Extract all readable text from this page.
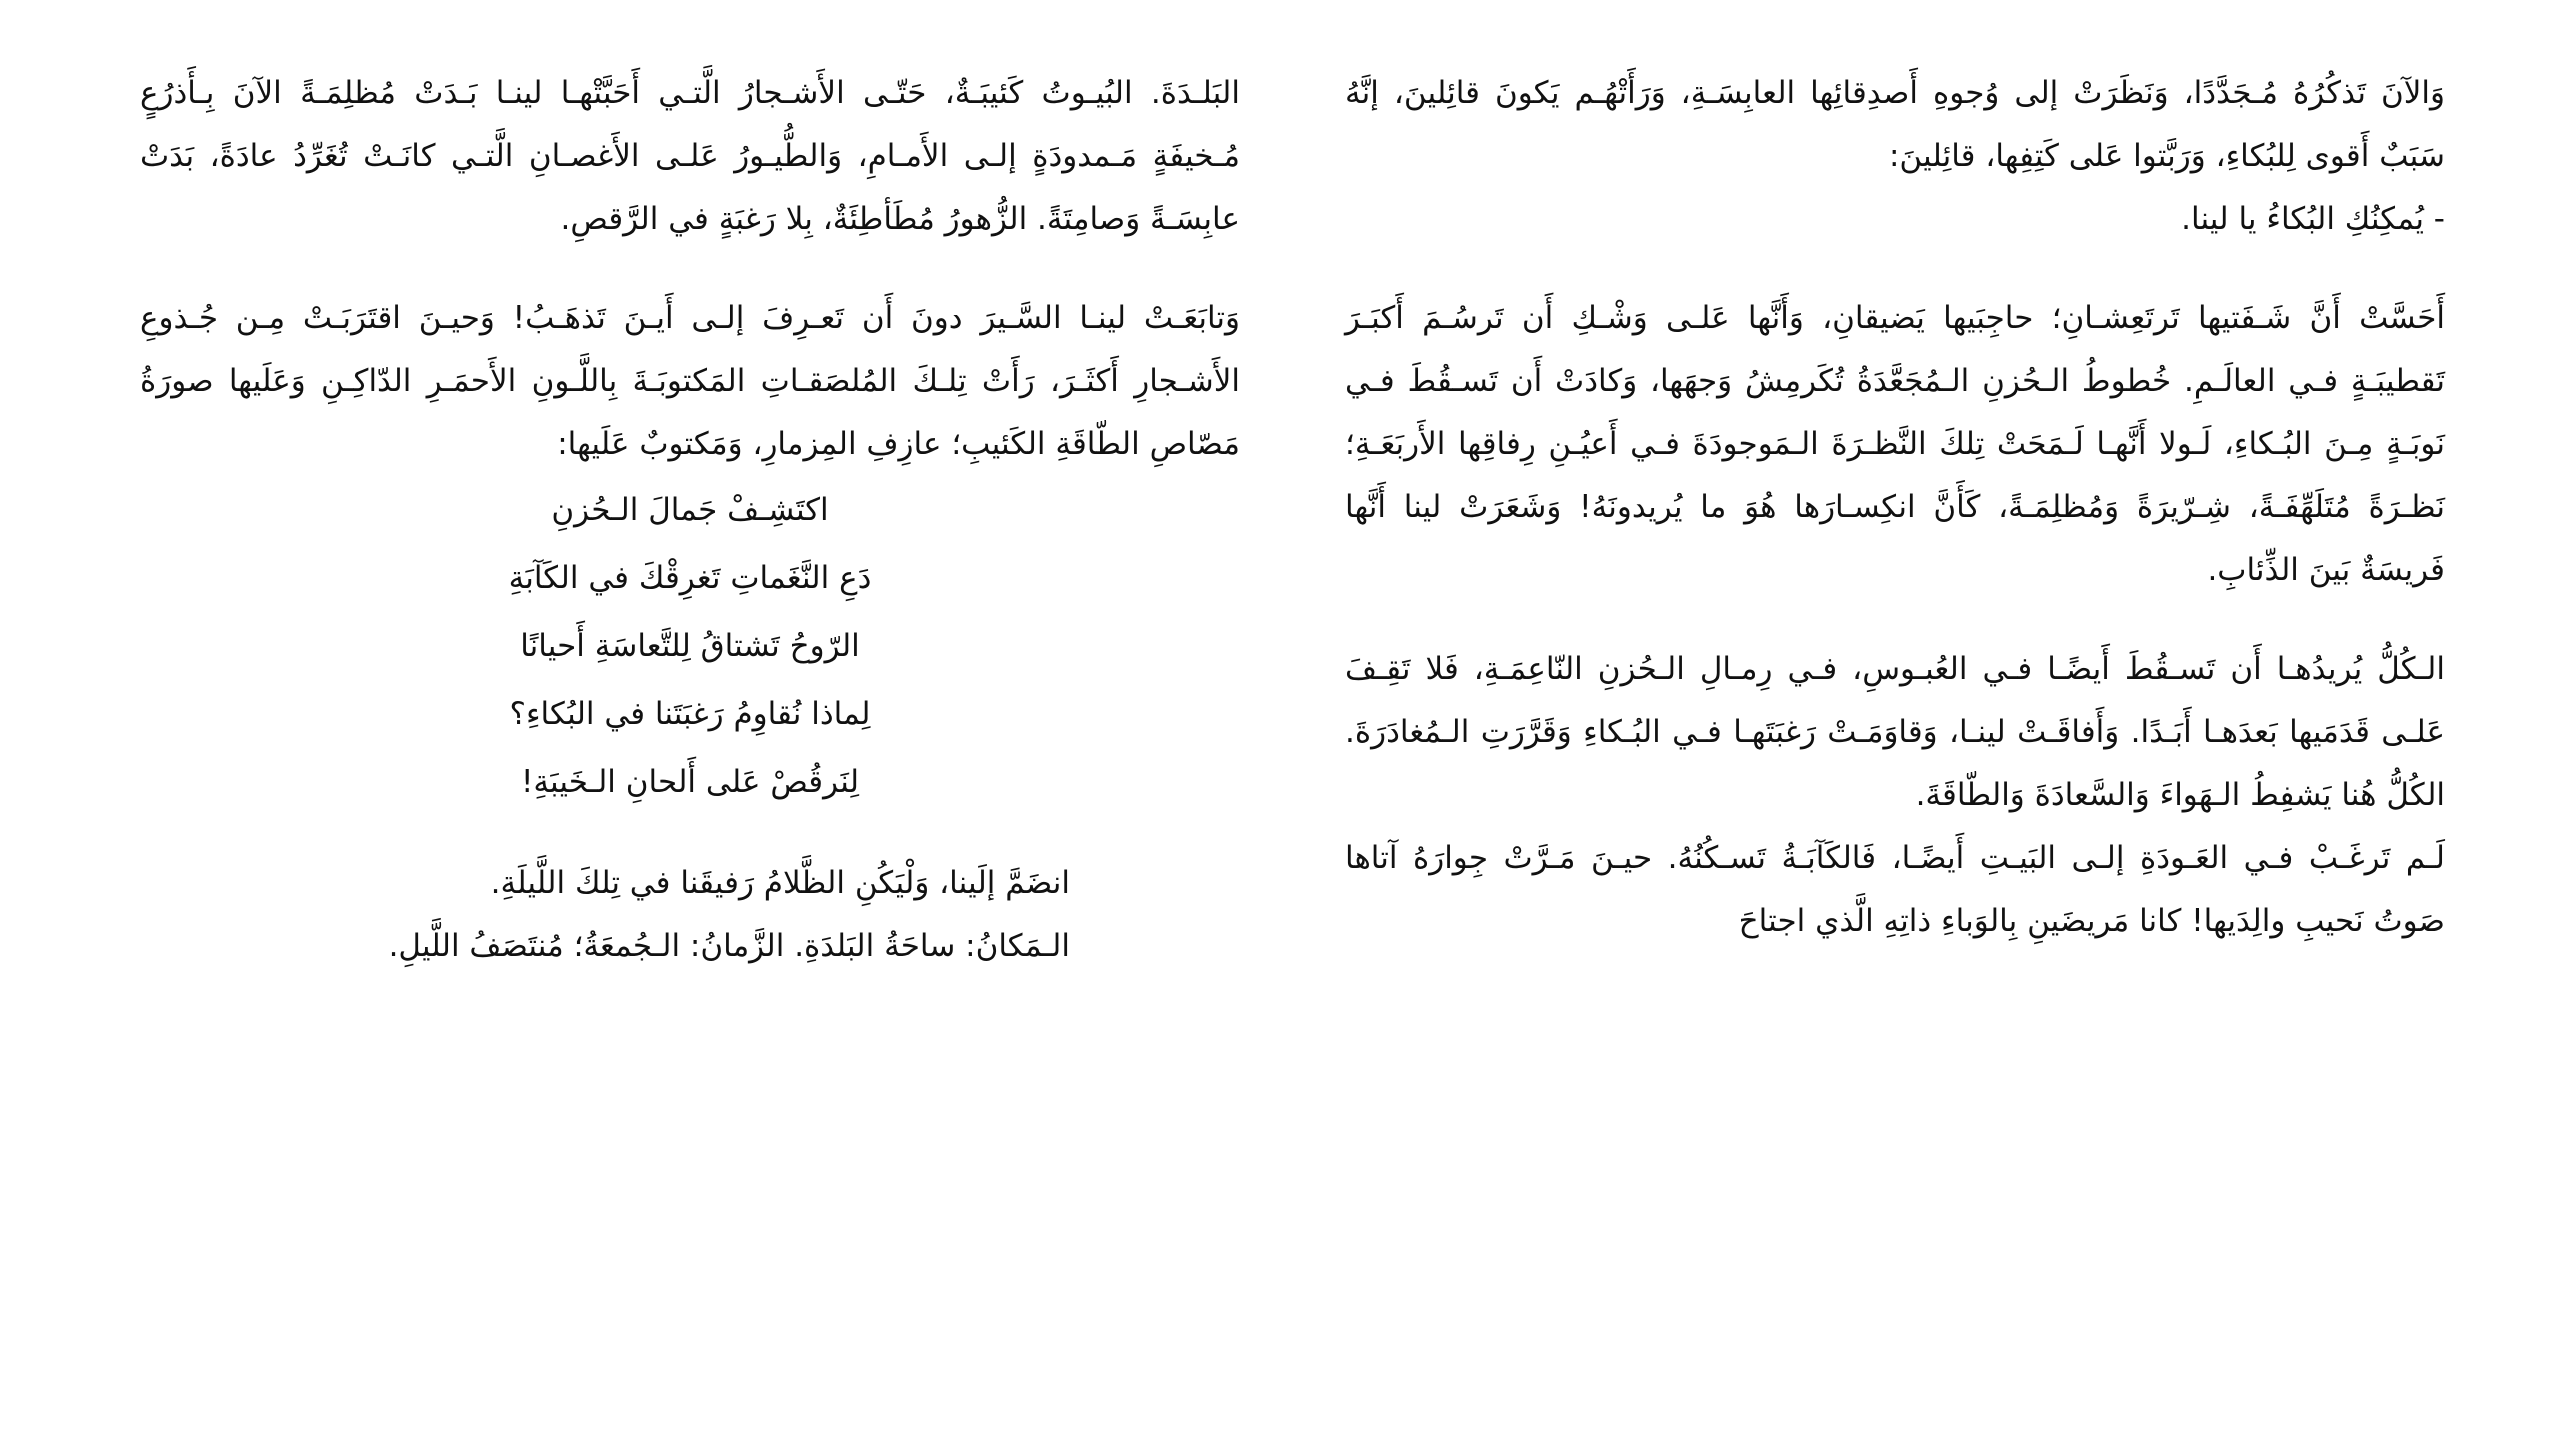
وَالآنَ تَذكُرُهُ مُـجَدَّدًا، وَنَظَرَتْ إلى وُجوهِ أَصدِقائِها العابِسَـةِ، وَرَأَتْهُـم يَكونَ قائِلينَ، إنَّهُ سَبَبٌ أَقوى لِلبُكاءِ، وَرَبَّتوا عَلى كَتِفِها، قائِلينَ:

- يُمكِنُكِ البُكاءُ يا لينا.

أَحَسَّتْ أَنَّ شَـفَتيها تَرتَعِشـانِ؛ حاجِبَيها يَضيقانِ، وَأَنَّها عَلـى وَشْـكِ أَن تَرسُـمَ أَكبَـرَ تَقطيبَـةٍ فـي العالَـمِ. خُطوطُ الـحُزنِ الـمُجَعَّدَةُ تُكَرمِشُ وَجهَها، وَكادَتْ أَن تَسـقُطَ فـي نَوبَـةٍ مِـنَ البُـكاءِ، لَـولا أَنَّهـا لَـمَحَتْ تِلكَ النَّظـرَةَ الـمَوجودَةَ فـي أَعيُـنِ رِفاقِها الأَربَعَـةِ؛ نَظـرَةً مُتَلَهِّفَـةً، شِـرّيرَةً وَمُظلِمَـةً، كَأَنَّ انكِسـارَها هُوَ ما يُريدونَهُ! وَشَعَرَتْ لينا أَنَّها فَريسَةٌ بَينَ الذِّئابِ.

الـكُلُّ يُريدُهـا أَن تَسـقُطَ أَيضًـا فـي العُبـوسِ، فـي رِمـالِ الـحُزنِ النّاعِمَـةِ، فَلا تَقِـفَ عَلـى قَدَمَيها بَعدَهـا أَبَـدًا. وَأَفاقَـتْ لينـا، وَقاوَمَـتْ رَغبَتَهـا فـي البُـكاءِ وَقَرَّرَتِ الـمُغادَرَةَ. الكُلُّ هُنا يَشفِطُ الـهَواءَ وَالسَّعادَةَ وَالطّاقَةَ.

لَـم تَرغَـبْ فـي العَـودَةِ إلـى البَيـتِ أَيضًـا، فَالكَآبَـةُ تَسـكُنُهُ. حيـنَ مَـرَّتْ جِوارَهُ آتاها صَوتُ نَحيبِ والِدَيها! كانا مَريضَينِ بِالوَباءِ ذاتِهِ الَّذي اجتاحَ

البَلـدَةَ. البُيـوتُ كَئيبَـةٌ، حَتّـى الأَشـجارُ الَّتـي أَحَبَّتْهـا لينـا بَـدَتْ مُظلِمَـةً الآنَ بِـأَذرُعٍ مُـخيفَةٍ مَـمدودَةٍ إلـى الأَمـامِ، وَالطُّيـورُ عَلـى الأَغصـانِ الَّتـي كانَـتْ تُغَرِّدُ عادَةً، بَدَتْ عابِسَـةً وَصامِتَةً. الزُّهورُ مُطَأطِئَةٌ، بِلا رَغبَةٍ في الرَّقصِ.

وَتابَعَـتْ لينـا السَّـيرَ دونَ أَن تَعـرِفَ إلـى أَيـنَ تَذهَـبُ! وَحيـنَ اقتَرَبَـتْ مِـن جُـذوعِ الأَشـجارِ أَكثَـرَ، رَأَتْ تِلـكَ المُلصَقـاتِ المَكتوبَـةَ بِاللَّـونِ الأَحمَـرِ الدّاكِـنِ وَعَلَيها صورَةُ مَصّاصِ الطّاقَةِ الكَئيبِ؛ عازِفِ المِزمارِ، وَمَكتوبٌ عَلَيها:

اكتَشِـفْ جَمالَ الـحُزنِ
دَعِ النَّغَماتِ تَغرِقْكَ في الكَآبَةِ
الرّوحُ تَشتاقُ لِلتَّعاسَةِ أَحيانًا
لِماذا نُقاوِمُ رَغبَتَنا في البُكاءِ؟
لِنَرقُصْ عَلى أَلحانِ الـخَيبَةِ!

انضَمَّ إلَينا، وَلْيَكُنِ الظَّلامُ رَفيقَنا في تِلكَ اللَّيلَةِ.

الـمَكانُ: ساحَةُ البَلدَةِ. الزَّمانُ: الـجُمعَةُ؛ مُنتَصَفُ اللَّيلِ.
